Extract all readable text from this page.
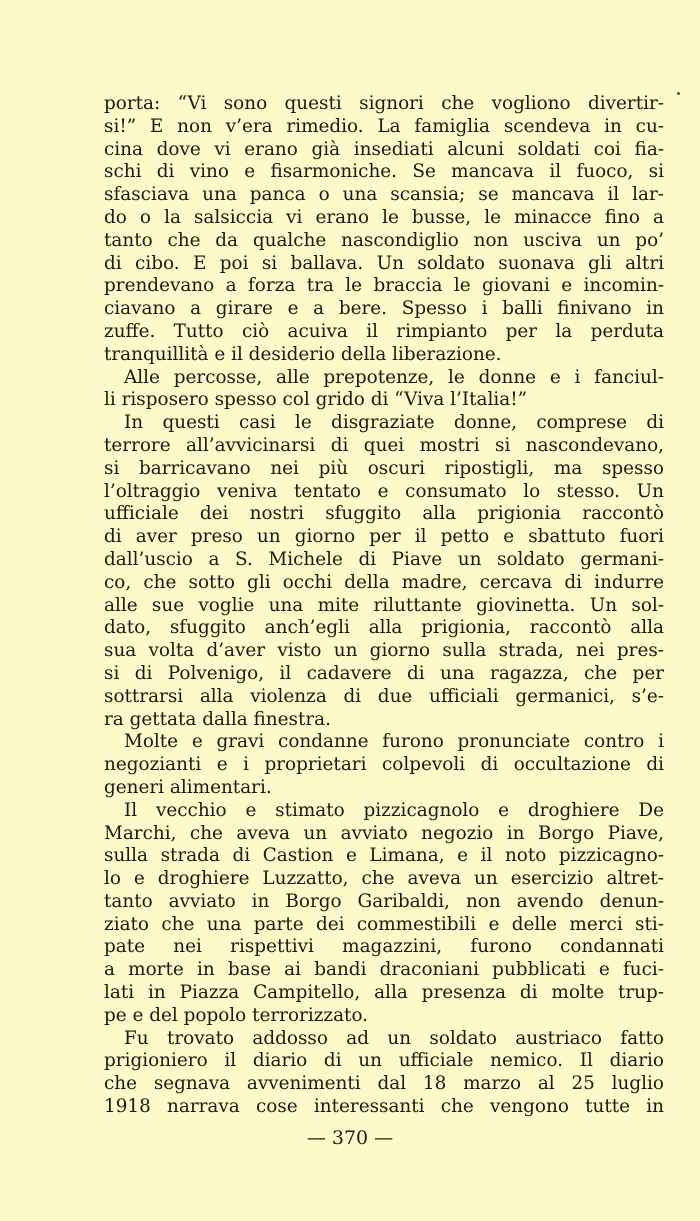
porta: “Vi sono questi signori che vogliono divertir-
si!” E non v’era rimedio. La famiglia scendeva in cu-
cina dove vi erano già insediati alcuni soldati coi fia-
schi di vino e fisarmoniche. Se mancava il fuoco, si
sfasciava una panca o una scansia; se mancava il lar-
do o la salsiccia vi erano le busse, le minacce fino a
tanto che da qualche nascondiglio non usciva un po’
di cibo. E poi si ballava. Un soldato suonava gli altri
prendevano a forza tra le braccia le giovani e incomin-
ciavano a girare e a bere. Spesso i balli finivano in
zuffe. Tutto ciò acuiva il rimpianto per la perduta
tranquillità e il desiderio della liberazione.
Alle percosse, alle prepotenze, le donne e i fanciul-
li risposero spesso col grido di “Viva l’Italia!”
In questi casi le disgraziate donne, comprese di
terrore all’avvicinarsi di quei mostri si nascondevano,
si barricavano nei più oscuri ripostigli, ma spesso
l’oltraggio veniva tentato e consumato lo stesso. Un
ufficiale dei nostri sfuggito alla prigionia raccontò
di aver preso un giorno per il petto e sbattuto fuori
dall’uscio a S. Michele di Piave un soldato germani-
co, che sotto gli occhi della madre, cercava di indurre
alle sue voglie una mite riluttante giovinetta. Un sol-
dato, sfuggito anch’egli alla prigionia, raccontò alla
sua volta d’aver visto un giorno sulla strada, nei pres-
si di Polvenigo, il cadavere di una ragazza, che per
sottrarsi alla violenza di due ufficiali germanici, s’e-
ra gettata dalla finestra.
Molte e gravi condanne furono pronunciate contro i
negozianti e i proprietari colpevoli di occultazione di
generi alimentari.
Il vecchio e stimato pizzicagnolo e droghiere De
Marchi, che aveva un avviato negozio in Borgo Piave,
sulla strada di Castion e Limana, e il noto pizzicagno-
lo e droghiere Luzzatto, che aveva un esercizio altret-
tanto avviato in Borgo Garibaldi, non avendo denun-
ziato che una parte dei commestibili e delle merci sti-
pate nei rispettivi magazzini, furono condannati
a morte in base ai bandi draconiani pubblicati e fuci-
lati in Piazza Campitello, alla presenza di molte trup-
pe e del popolo terrorizzato.
Fu trovato addosso ad un soldato austriaco fatto
prigioniero il diario di un ufficiale nemico. Il diario
che segnava avvenimenti dal 18 marzo al 25 luglio
1918 narrava cose interessanti che vengono tutte in
— 370 —
